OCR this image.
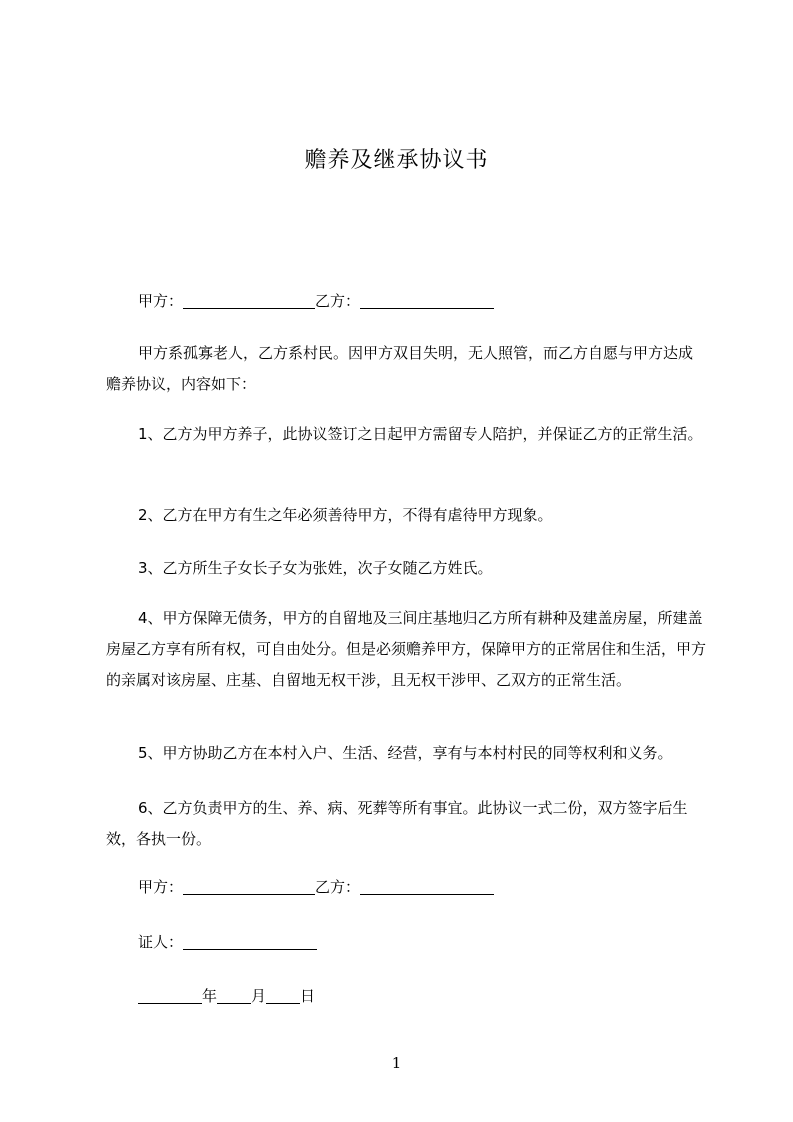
赡养及继承协议书

甲方：	乙方：

甲方系孤寡老人，乙方系村民。因甲方双目失明，无人照管，而乙方自愿与甲方达成赡养协议，内容如下：

1、乙方为甲方养子，此协议签订之日起甲方需留专人陪护，并保证乙方的正常生活。

2、乙方在甲方有生之年必须善待甲方，不得有虐待甲方现象。

3、乙方所生子女长子女为张姓，次子女随乙方姓氏。

4、甲方保障无债务，甲方的自留地及三间庄基地归乙方所有耕种及建盖房屋，所建盖房屋乙方享有所有权，可自由处分。但是必须赡养甲方，保障甲方的正常居住和生活，甲方的亲属对该房屋、庄基、自留地无权干涉，且无权干涉甲、乙双方的正常生活。

5、甲方协助乙方在本村入户、生活、经营，享有与本村村民的同等权利和义务。

6、乙方负责甲方的生、养、病、死葬等所有事宜。此协议一式二份，双方签字后生效，各执一份。

甲方：	乙方：

证人：

年 月 日

1
